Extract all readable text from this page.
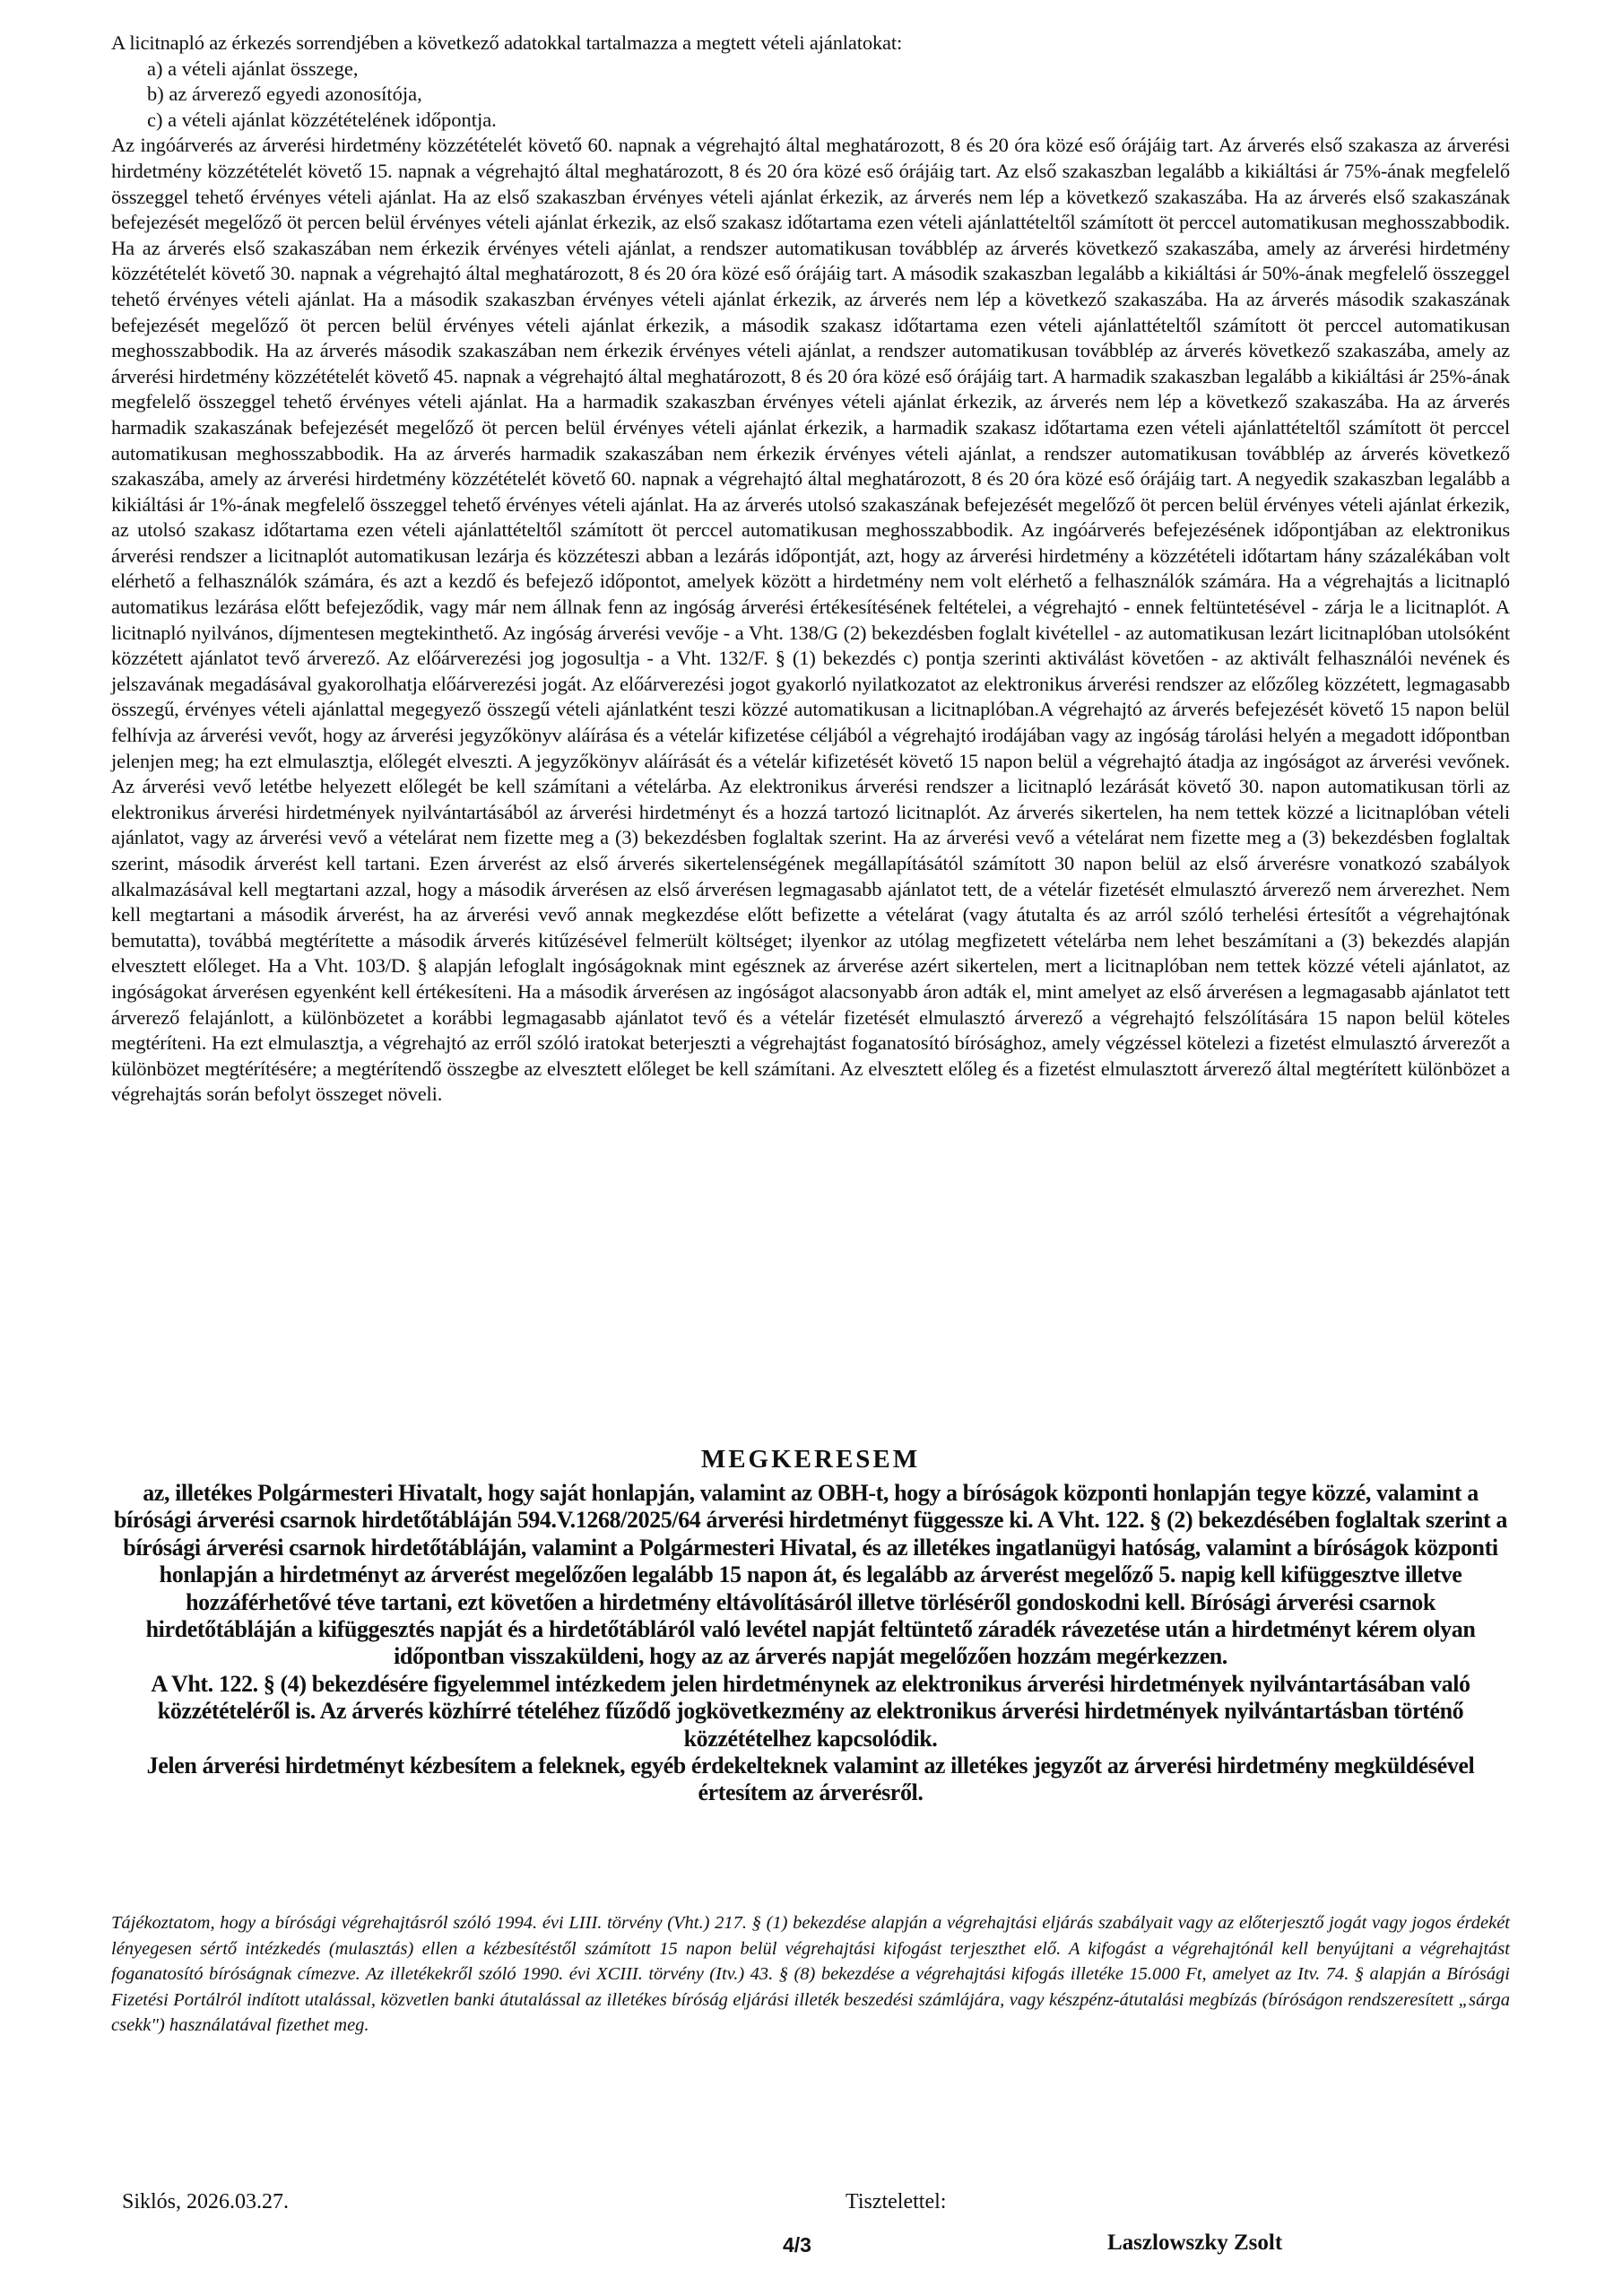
A licitnapló az érkezés sorrendjében a következő adatokkal tartalmazza a megtett vételi ajánlatokat:

a) a vételi ajánlat összege,

b) az árverező egyedi azonosítója,

c) a vételi ajánlat közzétételének időpontja.

Az ingóárverés az árverési hirdetmény közzétételét követő 60. napnak a végrehajtó által meghatározott, 8 és 20 óra közé eső órájáig tart. Az árverés első szakasza az árverési hirdetmény közzétételét követő 15. napnak a végrehajtó által meghatározott, 8 és 20 óra közé eső órájáig tart. Az első szakaszban legalább a kikiáltási ár 75%-ának megfelelő összeggel tehető érvényes vételi ajánlat. Ha az első szakaszban érvényes vételi ajánlat érkezik, az árverés nem lép a következő szakaszába. Ha az árverés első szakaszának befejezését megelőző öt percen belül érvényes vételi ajánlat érkezik, az első szakasz időtartama ezen vételi ajánlattételtől számított öt perccel automatikusan meghosszabbodik. Ha az árverés első szakaszában nem érkezik érvényes vételi ajánlat, a rendszer automatikusan továbblép az árverés következő szakaszába, amely az árverési hirdetmény közzétételét követő 30. napnak a végrehajtó által meghatározott, 8 és 20 óra közé eső órájáig tart. A második szakaszban legalább a kikiáltási ár 50%-ának megfelelő összeggel tehető érvényes vételi ajánlat. Ha a második szakaszban érvényes vételi ajánlat érkezik, az árverés nem lép a következő szakaszába. Ha az árverés második szakaszának befejezését megelőző öt percen belül érvényes vételi ajánlat érkezik, a második szakasz időtartama ezen vételi ajánlattételtől számított öt perccel automatikusan meghosszabbodik. Ha az árverés második szakaszában nem érkezik érvényes vételi ajánlat, a rendszer automatikusan továbblép az árverés következő szakaszába, amely az árverési hirdetmény közzétételét követő 45. napnak a végrehajtó által meghatározott, 8 és 20 óra közé eső órájáig tart. A harmadik szakaszban legalább a kikiáltási ár 25%-ának megfelelő összeggel tehető érvényes vételi ajánlat. Ha a harmadik szakaszban érvényes vételi ajánlat érkezik, az árverés nem lép a következő szakaszába. Ha az árverés harmadik szakaszának befejezését megelőző öt percen belül érvényes vételi ajánlat érkezik, a harmadik szakasz időtartama ezen vételi ajánlattételtől számított öt perccel automatikusan meghosszabbodik. Ha az árverés harmadik szakaszában nem érkezik érvényes vételi ajánlat, a rendszer automatikusan továbblép az árverés következő szakaszába, amely az árverési hirdetmény közzétételét követő 60. napnak a végrehajtó által meghatározott, 8 és 20 óra közé eső órájáig tart. A negyedik szakaszban legalább a kikiáltási ár 1%-ának megfelelő összeggel tehető érvényes vételi ajánlat. Ha az árverés utolsó szakaszának befejezését megelőző öt percen belül érvényes vételi ajánlat érkezik, az utolsó szakasz időtartama ezen vételi ajánlattételtől számított öt perccel automatikusan meghosszabbodik. Az ingóárverés befejezésének időpontjában az elektronikus árverési rendszer a licitnaplót automatikusan lezárja és közzéteszi abban a lezárás időpontját, azt, hogy az árverési hirdetmény a közzétételi időtartam hány százalékában volt elérhető a felhasználók számára, és azt a kezdő és befejező időpontot, amelyek között a hirdetmény nem volt elérhető a felhasználók számára. Ha a végrehajtás a licitnapló automatikus lezárása előtt befejeződik, vagy már nem állnak fenn az ingóság árverési értékesítésének feltételei, a végrehajtó - ennek feltüntetésével - zárja le a licitnaplót. A licitnapló nyilvános, díjmentesen megtekinthető. Az ingóság árverési vevője - a Vht. 138/G (2) bekezdésben foglalt kivétellel - az automatikusan lezárt licitnaplóban utolsóként közzétett ajánlatot tevő árverező. Az előárverezési jog jogosultja - a Vht. 132/F. § (1) bekezdés c) pontja szerinti aktiválást követően - az aktivált felhasználói nevének és jelszavának megadásával gyakorolhatja előárverezési jogát. Az előárverezési jogot gyakorló nyilatkozatot az elektronikus árverési rendszer az előzőleg közzétett, legmagasabb összegű, érvényes vételi ajánlattal megegyező összegű vételi ajánlatként teszi közzé automatikusan a licitnaplóban.A végrehajtó az árverés befejezését követő 15 napon belül felhívja az árverési vevőt, hogy az árverési jegyzőkönyv aláírása és a vételár kifizetése céljából a végrehajtó irodájában vagy az ingóság tárolási helyén a megadott időpontban jelenjen meg; ha ezt elmulasztja, előlegét elveszti. A jegyzőkönyv aláírását és a vételár kifizetését követő 15 napon belül a végrehajtó átadja az ingóságot az árverési vevőnek. Az árverési vevő letétbe helyezett előlegét be kell számítani a vételárba. Az elektronikus árverési rendszer a licitnapló lezárását követő 30. napon automatikusan törli az elektronikus árverési hirdetmények nyilvántartásából az árverési hirdetményt és a hozzá tartozó licitnaplót. Az árverés sikertelen, ha nem tettek közzé a licitnaplóban vételi ajánlatot, vagy az árverési vevő a vételárat nem fizette meg a (3) bekezdésben foglaltak szerint. Ha az árverési vevő a vételárat nem fizette meg a (3) bekezdésben foglaltak szerint, második árverést kell tartani. Ezen árverést az első árverés sikertelenségének megállapításától számított 30 napon belül az első árverésre vonatkozó szabályok alkalmazásával kell megtartani azzal, hogy a második árverésen az első árverésen legmagasabb ajánlatot tett, de a vételár fizetését elmulasztó árverező nem árverezhet. Nem kell megtartani a második árverést, ha az árverési vevő annak megkezdése előtt befizette a vételárat (vagy átutalta és az arról szóló terhelési értesítőt a végrehajtónak bemutatta), továbbá megtérítette a második árverés kitűzésével felmerült költséget; ilyenkor az utólag megfizetett vételárba nem lehet beszámítani a (3) bekezdés alapján elvesztett előleget. Ha a Vht. 103/D. § alapján lefoglalt ingóságoknak mint egésznek az árverése azért sikertelen, mert a licitnaplóban nem tettek közzé vételi ajánlatot, az ingóságokat árverésen egyenként kell értékesíteni. Ha a második árverésen az ingóságot alacsonyabb áron adták el, mint amelyet az első árverésen a legmagasabb ajánlatot tett árverező felajánlott, a különbözetet a korábbi legmagasabb ajánlatot tevő és a vételár fizetését elmulasztó árverező a végrehajtó felszólítására 15 napon belül köteles megtéríteni. Ha ezt elmulasztja, a végrehajtó az erről szóló iratokat beterjeszti a végrehajtást foganatosító bírósághoz, amely végzéssel kötelezi a fizetést elmulasztó árverezőt a különbözet megtérítésére; a megtérítendő összegbe az elvesztett előleget be kell számítani. Az elvesztett előleg és a fizetést elmulasztott árverező által megtérített különbözet a végrehajtás során befolyt összeget növeli.

MEGKERESEM

az, illetékes Polgármesteri Hivatalt, hogy saját honlapján, valamint az OBH-t, hogy a bíróságok központi honlapján tegye közzé, valamint a bírósági árverési csarnok hirdetőtábláján 594.V.1268/2025/64 árverési hirdetményt függessze ki. A Vht. 122. § (2) bekezdésében foglaltak szerint a bírósági árverési csarnok hirdetőtábláján, valamint a Polgármesteri Hivatal, és az illetékes ingatlanügyi hatóság, valamint a bíróságok központi honlapján a hirdetményt az árverést megelőzően legalább 15 napon át, és legalább az árverést megelőző 5. napig kell kifüggesztve illetve hozzáférhetővé téve tartani, ezt követően a hirdetmény eltávolításáról illetve törléséről gondoskodni kell. Bírósági árverési csarnok hirdetőtábláján a kifüggesztés napját és a hirdetőtábláról való levétel napját feltüntető záradék rávezetése után a hirdetményt kérem olyan időpontban visszaküldeni, hogy az az árverés napját megelőzően hozzám megérkezzen.

A Vht. 122. § (4) bekezdésére figyelemmel intézkedem jelen hirdetménynek az elektronikus árverési hirdetmények nyilvántartásában való közzétételéről is. Az árverés közhírré tételéhez fűződő jogkövetkezmény az elektronikus árverési hirdetmények nyilvántartásban történő közzétételhez kapcsolódik.

Jelen árverési hirdetményt kézbesítem a feleknek, egyéb érdekelteknek valamint az illetékes jegyzőt az árverési hirdetmény megküldésével értesítem az árverésről.

Tájékoztatom, hogy a bírósági végrehajtásról szóló 1994. évi LIII. törvény (Vht.) 217. § (1) bekezdése alapján a végrehajtási eljárás szabályait vagy az előterjesztő jogát vagy jogos érdekét lényegesen sértő intézkedés (mulasztás) ellen a kézbesítéstől számított 15 napon belül végrehajtási kifogást terjeszthet elő. A kifogást a végrehajtónál kell benyújtani a végrehajtást foganatosító bíróságnak címezve. Az illetékekről szóló 1990. évi XCIII. törvény (Itv.) 43. § (8) bekezdése a végrehajtási kifogás illetéke 15.000 Ft, amelyet az Itv. 74. § alapján a Bírósági Fizetési Portálról indított utalással, közvetlen banki átutalással az illetékes bíróság eljárási illeték beszedési számlájára, vagy készpénz-átutalási megbízás (bíróságon rendszeresített „sárga csekk") használatával fizethet meg.

Siklós, 2026.03.27.	Tisztelettel:
4/3	Laszlowszky Zsolt
